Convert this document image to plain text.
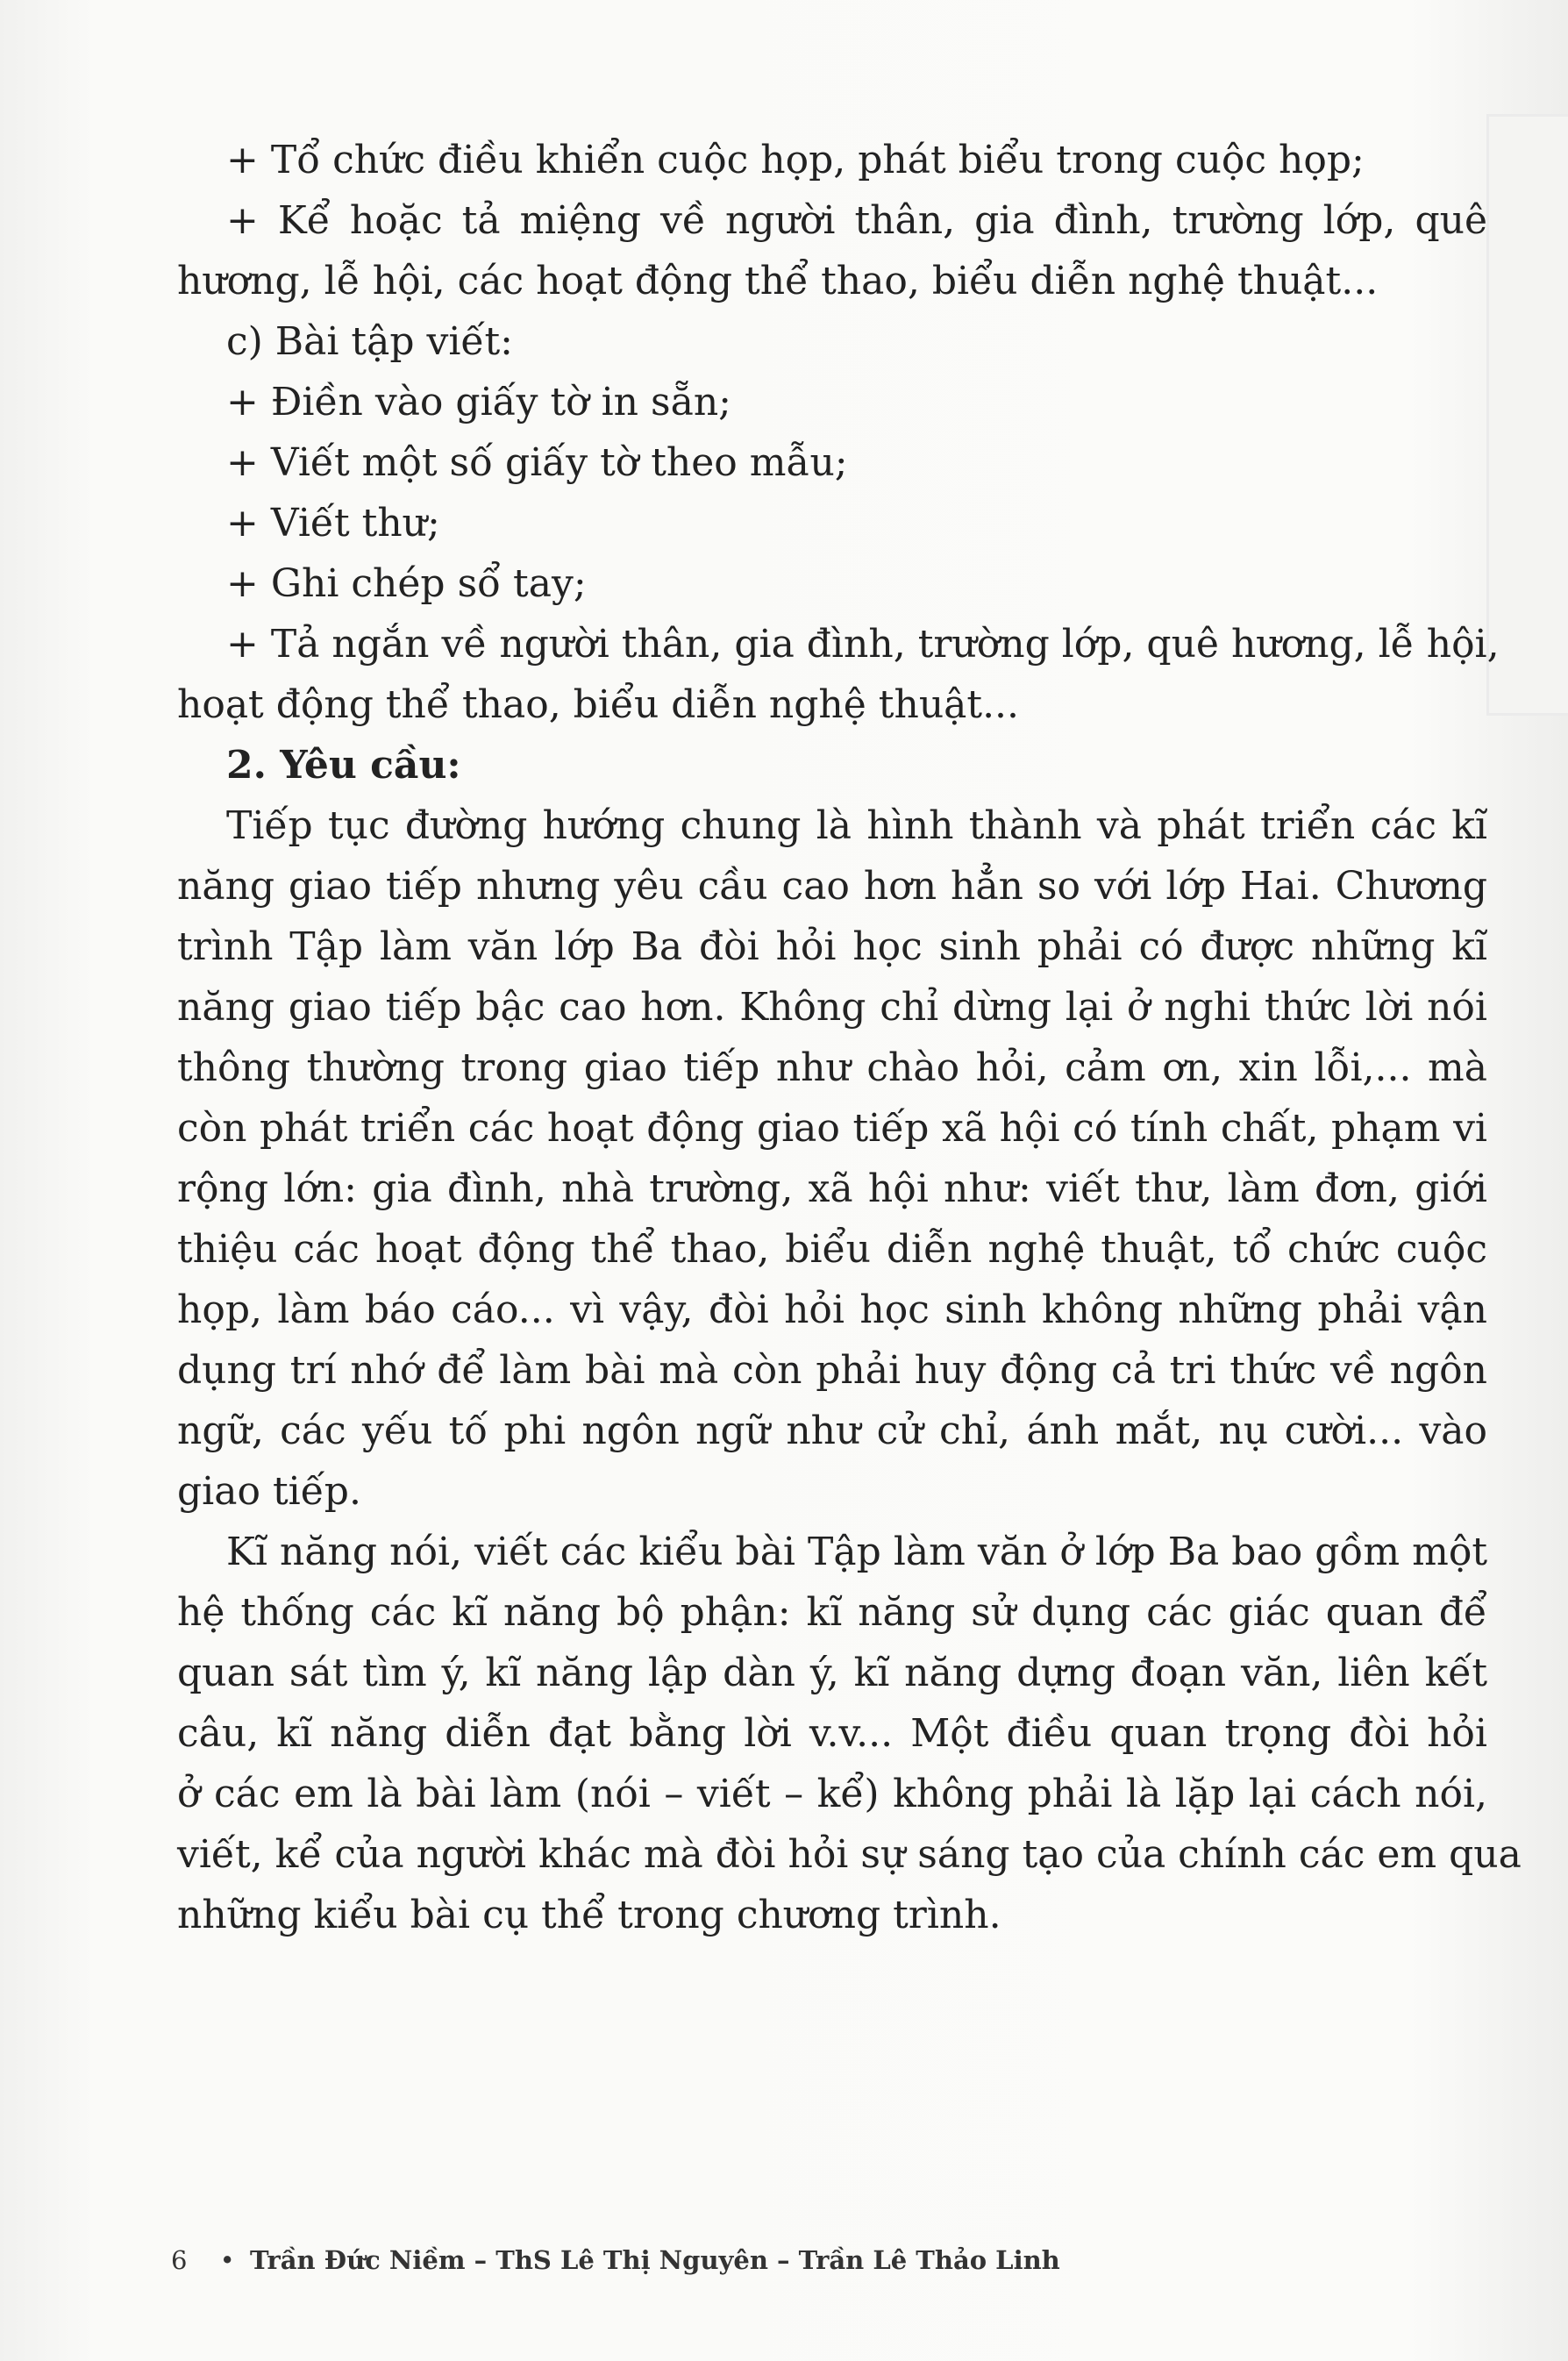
+ Tổ chức điều khiển cuộc họp, phát biểu trong cuộc họp;
+ Kể hoặc tả miệng về người thân, gia đình, trường lớp, quê
hương, lễ hội, các hoạt động thể thao, biểu diễn nghệ thuật...
c) Bài tập viết:
+ Điền vào giấy tờ in sẵn;
+ Viết một số giấy tờ theo mẫu;
+ Viết thư;
+ Ghi chép sổ tay;
+ Tả ngắn về người thân, gia đình, trường lớp, quê hương, lễ hội,
hoạt động thể thao, biểu diễn nghệ thuật...
2. Yêu cầu:
Tiếp tục đường hướng chung là hình thành và phát triển các kĩ
năng giao tiếp nhưng yêu cầu cao hơn hẳn so với lớp Hai. Chương
trình Tập làm văn lớp Ba đòi hỏi học sinh phải có được những kĩ
năng giao tiếp bậc cao hơn. Không chỉ dừng lại ở nghi thức lời nói
thông thường trong giao tiếp như chào hỏi, cảm ơn, xin lỗi,... mà
còn phát triển các hoạt động giao tiếp xã hội có tính chất, phạm vi
rộng lớn: gia đình, nhà trường, xã hội như: viết thư, làm đơn, giới
thiệu các hoạt động thể thao, biểu diễn nghệ thuật, tổ chức cuộc
họp, làm báo cáo... vì vậy, đòi hỏi học sinh không những phải vận
dụng trí nhớ để làm bài mà còn phải huy động cả tri thức về ngôn
ngữ, các yếu tố phi ngôn ngữ như cử chỉ, ánh mắt, nụ cười... vào
giao tiếp.
Kĩ năng nói, viết các kiểu bài Tập làm văn ở lớp Ba bao gồm một
hệ thống các kĩ năng bộ phận: kĩ năng sử dụng các giác quan để
quan sát tìm ý, kĩ năng lập dàn ý, kĩ năng dựng đoạn văn, liên kết
câu, kĩ năng diễn đạt bằng lời v.v... Một điều quan trọng đòi hỏi
ở các em là bài làm (nói – viết – kể) không phải là lặp lại cách nói,
viết, kể của người khác mà đòi hỏi sự sáng tạo của chính các em qua
những kiểu bài cụ thể trong chương trình.
6 • Trần Đức Niềm – ThS Lê Thị Nguyên – Trần Lê Thảo Linh
